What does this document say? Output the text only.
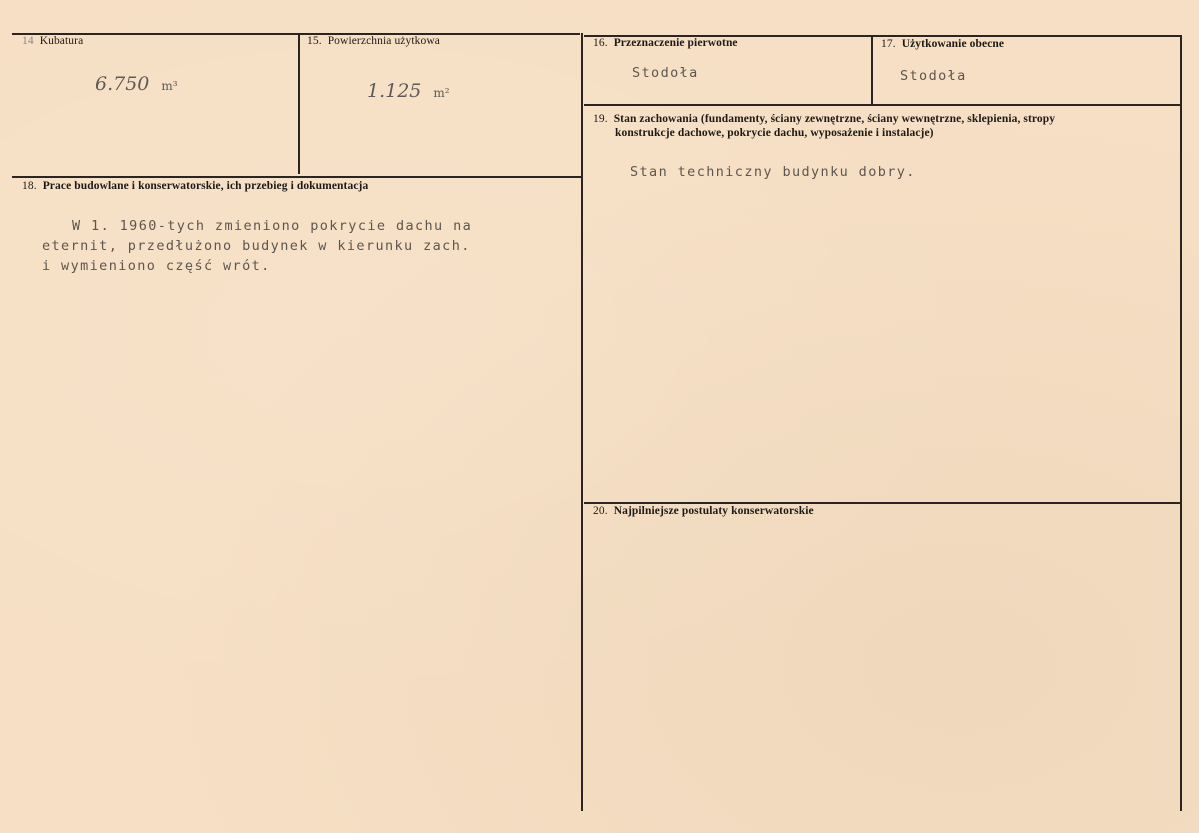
14 Kubatura
6.750 m³
15. Powierzchnia użytkowa
1.125 m²
16. Przeznaczenie pierwotne
Stodoła
17. Użytkowanie obecne
Stodoła
18. Prace budowlane i konserwatorskie, ich przebieg i dokumentacja
W 1. 1960-tych zmieniono pokrycie dachu na
eternit, przedłużono budynek w kierunku zach.
i wymieniono część wrót.
19. Stan zachowania (fundamenty, ściany zewnętrzne, ściany wewnętrzne, sklepienia, stropy
konstrukcje dachowe, pokrycie dachu, wyposażenie i instalacje)
Stan techniczny budynku dobry.
20. Najpilniejsze postulaty konserwatorskie
